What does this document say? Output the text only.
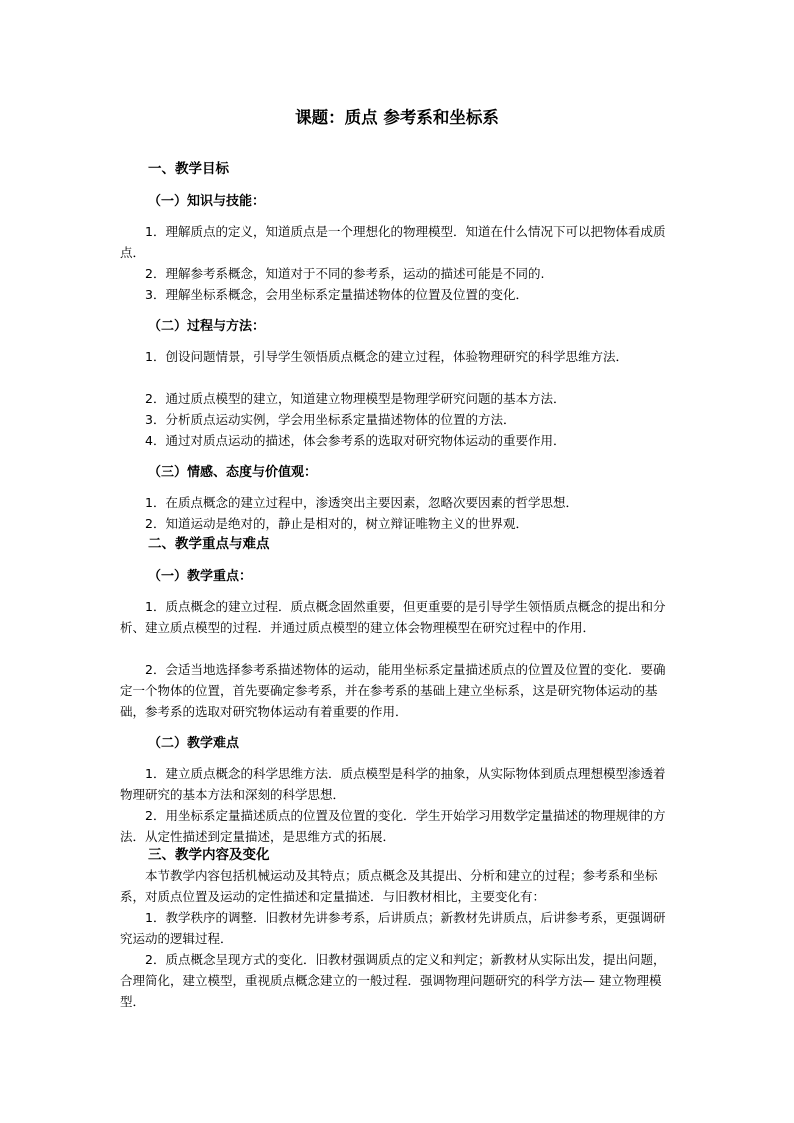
课题：质点 参考系和坐标系
一、教学目标
（一）知识与技能：

1．理解质点的定义，知道质点是一个理想化的物理模型．知道在什么情况下可以把物体看成质点．

2．理解参考系概念，知道对于不同的参考系，运动的描述可能是不同的.

3．理解坐标系概念，会用坐标系定量描述物体的位置及位置的变化．

（二）过程与方法：

1．创设问题情景，引导学生领悟质点概念的建立过程，体验物理研究的科学思维方法．

2．通过质点模型的建立，知道建立物理模型是物理学研究问题的基本方法．

3．分析质点运动实例，学会用坐标系定量描述物体的位置的方法．

4．通过对质点运动的描述，体会参考系的选取对研究物体运动的重要作用．

（三）情感、态度与价值观：

1．在质点概念的建立过程中，渗透突出主要因素，忽略次要因素的哲学思想．

2．知道运动是绝对的，静止是相对的，树立辩证唯物主义的世界观．

二、教学重点与难点
（一）教学重点：

1．质点概念的建立过程．质点概念固然重要，但更重要的是引导学生领悟质点概念的提出和分析、建立质点模型的过程．并通过质点模型的建立体会物理模型在研究过程中的作用．

2．会适当地选择参考系描述物体的运动，能用坐标系定量描述质点的位置及位置的变化．要确定一个物体的位置，首先要确定参考系，并在参考系的基础上建立坐标系，这是研究物体运动的基础，参考系的选取对研究物体运动有着重要的作用．

（二）教学难点

1．建立质点概念的科学思维方法．质点模型是科学的抽象，从实际物体到质点理想模型渗透着物理研究的基本方法和深刻的科学思想．

2．用坐标系定量描述质点的位置及位置的变化．学生开始学习用数学定量描述的物理规律的方法．从定性描述到定量描述，是思维方式的拓展．

三、教学内容及变化

本节教学内容包括机械运动及其特点；质点概念及其提出、分析和建立的过程；参考系和坐标系，对质点位置及运动的定性描述和定量描述．与旧教材相比，主要变化有：

1．教学秩序的调整．旧教材先讲参考系，后讲质点；新教材先讲质点，后讲参考系，更强调研究运动的逻辑过程．

2．质点概念呈现方式的变化．旧教材强调质点的定义和判定；新教材从实际出发，提出问题，合理简化，建立模型，重视质点概念建立的一般过程．强调物理问题研究的科学方法— 建立物理模型．
